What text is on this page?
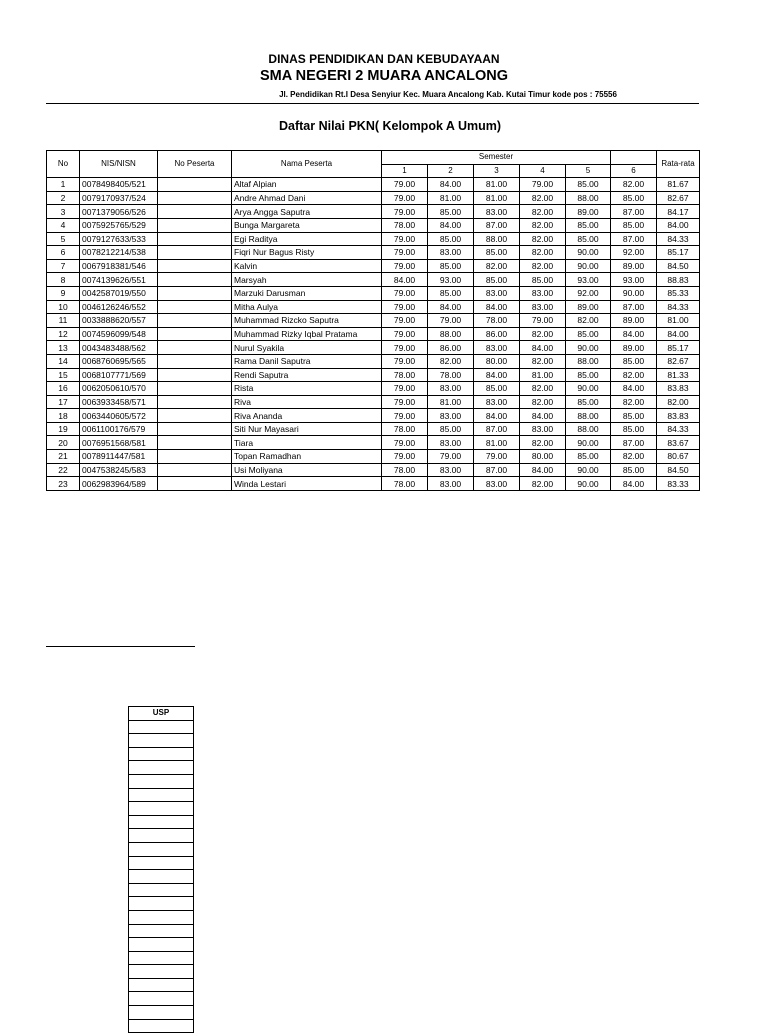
DINAS PENDIDIKAN DAN KEBUDAYAAN
SMA NEGERI 2 MUARA ANCALONG
Jl. Pendidikan Rt.I Desa Senyiur Kec. Muara Ancalong Kab. Kutai Timur kode pos : 75556
Daftar Nilai PKN( Kelompok A Umum)
No	NIS/NISN	No Peserta	Nama Peserta	Semester						Rata-rata
				1	2	3	4	5	6	
1	0078498405/521		Altaf Alpian	79.00	84.00	81.00	79.00	85.00	82.00	81.67
2	0079170937/524		Andre Ahmad Dani	79.00	81.00	81.00	82.00	88.00	85.00	82.67
3	0071379056/526		Arya Angga Saputra	79.00	85.00	83.00	82.00	89.00	87.00	84.17
4	0075925765/529		Bunga Margareta	78.00	84.00	87.00	82.00	85.00	85.00	84.00
5	0079127633/533		Egi Raditya	79.00	85.00	88.00	82.00	85.00	87.00	84.33
6	0078212214/538		Fiqri Nur Bagus Risty	79.00	83.00	85.00	82.00	90.00	92.00	85.17
7	0067918381/546		Kalvin	79.00	85.00	82.00	82.00	90.00	89.00	84.50
8	0074139626/551		Marsyah	84.00	93.00	85.00	85.00	93.00	93.00	88.83
9	0042587019/550		Marzuki Darusman	79.00	85.00	83.00	83.00	92.00	90.00	85.33
10	0046126246/552		Mitha Aulya	79.00	84.00	84.00	83.00	89.00	87.00	84.33
11	0033888620/557		Muhammad Rizcko Saputra	79.00	79.00	78.00	79.00	82.00	89.00	81.00
12	0074596099/548		Muhammad Rizky Iqbal Pratama	79.00	88.00	86.00	82.00	85.00	84.00	84.00
13	0043483488/562		Nurul Syakila	79.00	86.00	83.00	84.00	90.00	89.00	85.17
14	0068760695/565		Rama Danil Saputra	79.00	82.00	80.00	82.00	88.00	85.00	82.67
15	0068107771/569		Rendi Saputra	78.00	78.00	84.00	81.00	85.00	82.00	81.33
16	0062050610/570		Rista	79.00	83.00	85.00	82.00	90.00	84.00	83.83
17	0063933458/571		Riva	79.00	81.00	83.00	82.00	85.00	82.00	82.00
18	0063440605/572		Riva Ananda	79.00	83.00	84.00	84.00	88.00	85.00	83.83
19	0061100176/579		Siti Nur Mayasari	78.00	85.00	87.00	83.00	88.00	85.00	84.33
20	0076951568/581		Tiara	79.00	83.00	81.00	82.00	90.00	87.00	83.67
21	0078911447/581		Topan Ramadhan	79.00	79.00	79.00	80.00	85.00	82.00	80.67
22	0047538245/583		Usi Moliyana	78.00	83.00	87.00	84.00	90.00	85.00	84.50
23	0062983964/589		Winda Lestari	78.00	83.00	83.00	82.00	90.00	84.00	83.33
USP
